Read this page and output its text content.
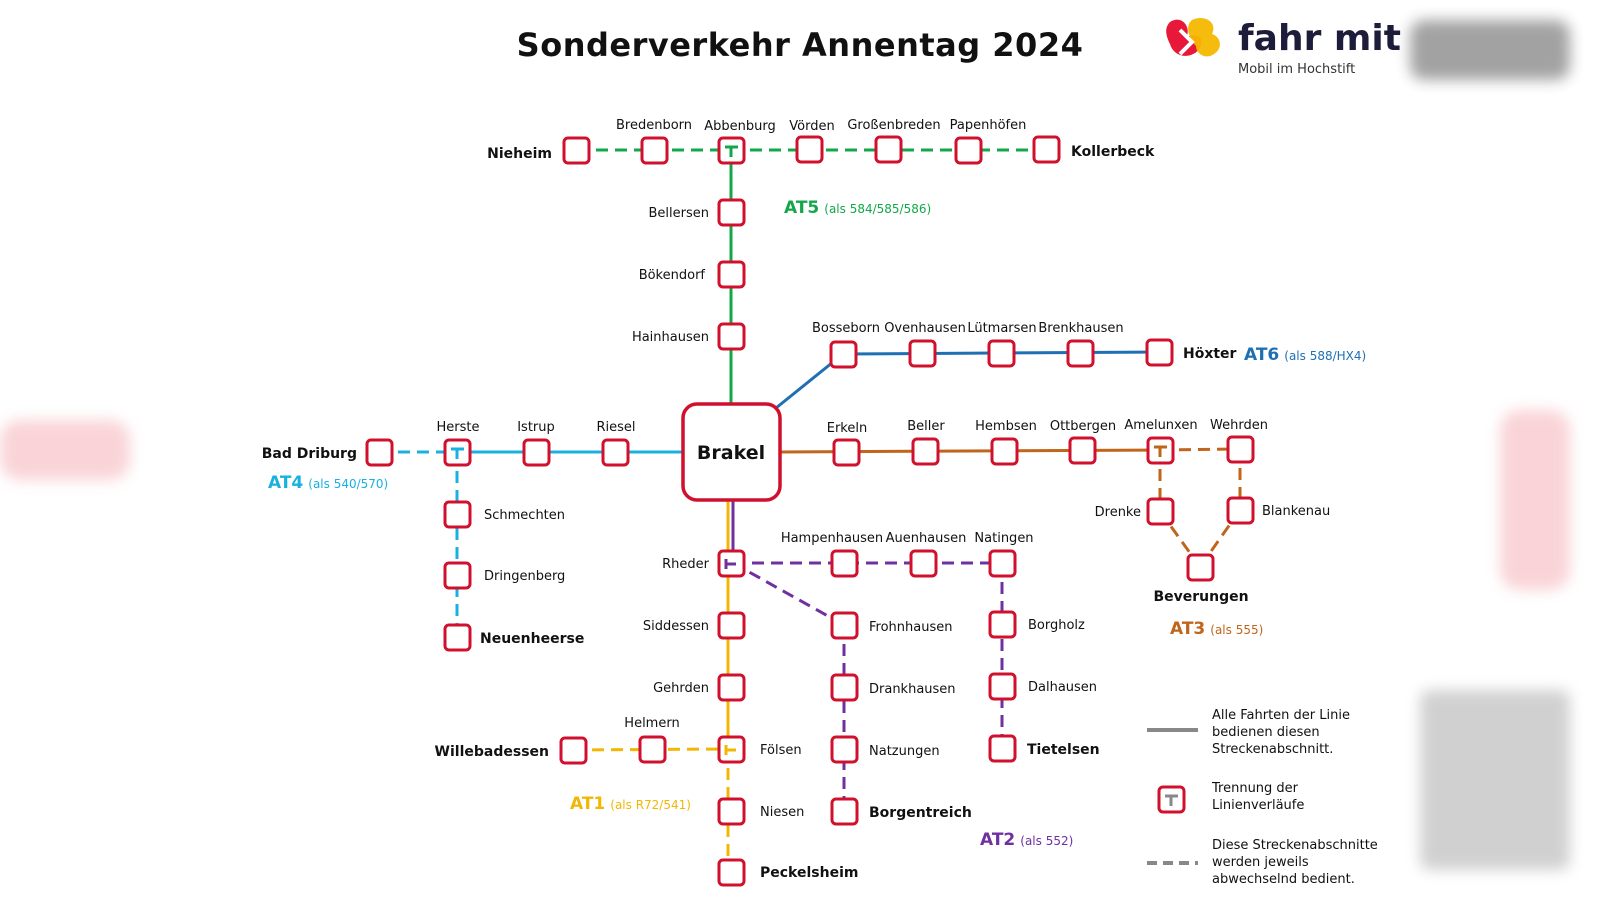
Sonderverkehr Annentag 2024	fahr mit
Mobil im Hochstift
Brakel
Nieheim
Bredenborn Abbenburg Vörden Großenbreden Papenhöfen
Kollerbeck
Bellersen
Bökendorf
Hainhausen
Bosseborn Ovenhausen Lütmarsen Brenkhausen
Höxter
Bad Driburg
Herste	Istrup	Riesel
Schmechten
Dringenberg
Neuenheerse
Erkeln	Beller Hembsen Ottbergen Amelunxen Wehrden
Drenke	Blankenau
Beverungen
Rheder
Hampenhausen Auenhausen Natingen
Frohnhausen
Drankhausen
Natzungen
Borgentreich
Borgholz
Dalhausen
Tietelsen
Siddessen
Gehrden
Fölsen
Niesen
Peckelsheim
Helmern
Willebadessen
AT5 (als 584/585/586)
AT6 (als 588/HX4)
AT4 (als 540/570)
AT3 (als 555)
AT1 (als R72/541)
AT2 (als 552)
Alle Fahrten der Linie bedienen diesen Streckenabschnitt.
Trennung der Linienverläufe
Diese Streckenabschnitte werden jeweils abwechselnd bedient.
